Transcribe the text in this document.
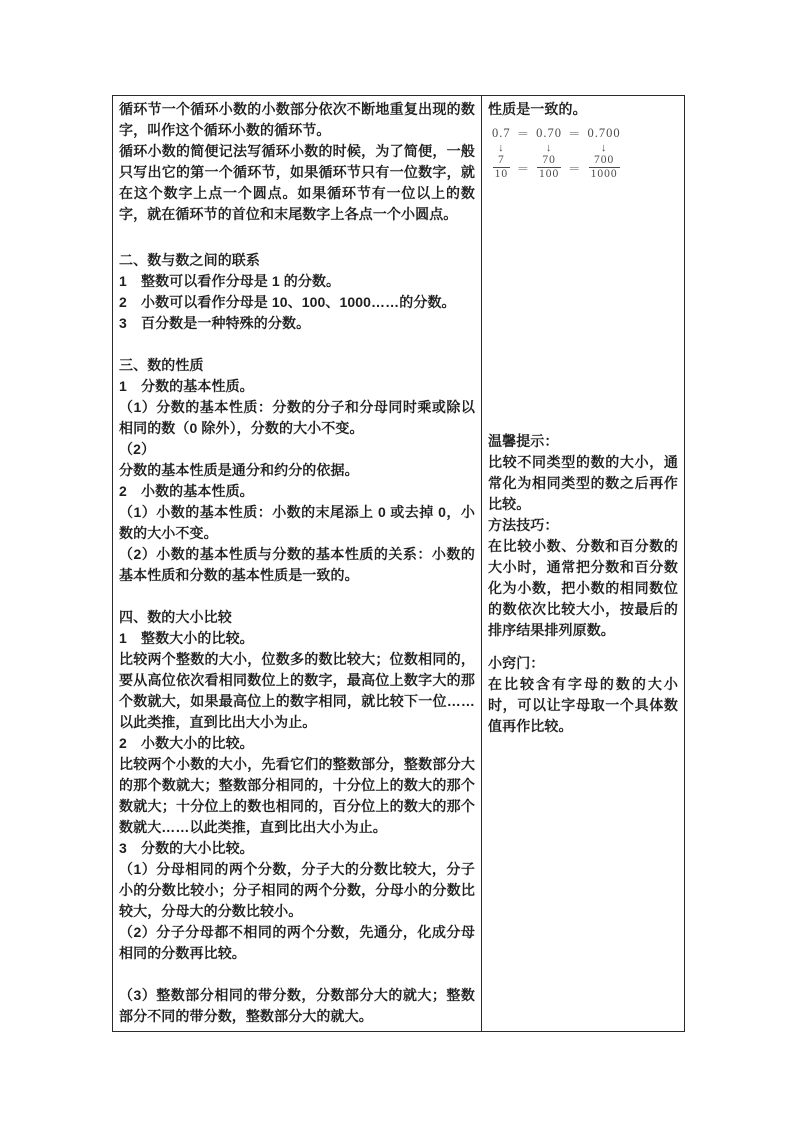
循环节一个循环小数的小数部分依次不断地重复出现的数字，叫作这个循环小数的循环节。

循环小数的简便记法写循环小数的时候，为了简便，一般只写出它的第一个循环节，如果循环节只有一位数字，就在这个数字上点一个圆点。如果循环节有一位以上的数字，就在循环节的首位和末尾数字上各点一个小圆点。

二、数与数之间的联系

1　整数可以看作分母是 1 的分数。

2　小数可以看作分母是 10、100、1000……的分数。

3　百分数是一种特殊的分数。

三、数的性质

1　分数的基本性质。

（1）分数的基本性质：分数的分子和分母同时乘或除以相同的数（0 除外），分数的大小不变。

（2）

分数的基本性质是通分和约分的依据。

2　小数的基本性质。

（1）小数的基本性质：小数的末尾添上 0 或去掉 0，小数的大小不变。

（2）小数的基本性质与分数的基本性质的关系：小数的基本性质和分数的基本性质是一致的。

四、数的大小比较

1　整数大小的比较。

比较两个整数的大小，位数多的数比较大；位数相同的，要从高位依次看相同数位上的数字，最高位上数字大的那个数就大，如果最高位上的数字相同，就比较下一位……以此类推，直到比出大小为止。

2　小数大小的比较。

比较两个小数的大小，先看它们的整数部分，整数部分大的那个数就大；整数部分相同的，十分位上的数大的那个数就大；十分位上的数也相同的，百分位上的数大的那个数就大……以此类推，直到比出大小为止。

3　分数的大小比较。

（1）分母相同的两个分数，分子大的分数比较大，分子小的分数比较小；分子相同的两个分数，分母小的分数比较大，分母大的分数比较小。

（2）分子分母都不相同的两个分数，先通分，化成分母相同的分数再比较。

（3）整数部分相同的带分数，分数部分大的就大；整数部分不同的带分数，整数部分大的就大。

性质是一致的。

0.7 ＝ 0.70 ＝ 0.700
↓	↓	↓
$\frac{7}{10} = \frac{70}{100} = \frac{700}{1000}$

温馨提示：

比较不同类型的数的大小，通常化为相同类型的数之后再作比较。

方法技巧：

在比较小数、分数和百分数的大小时，通常把分数和百分数化为小数，把小数的相同数位的数依次比较大小，按最后的排序结果排列原数。

小窍门：

在比较含有字母的数的大小时，可以让字母取一个具体数值再作比较。
